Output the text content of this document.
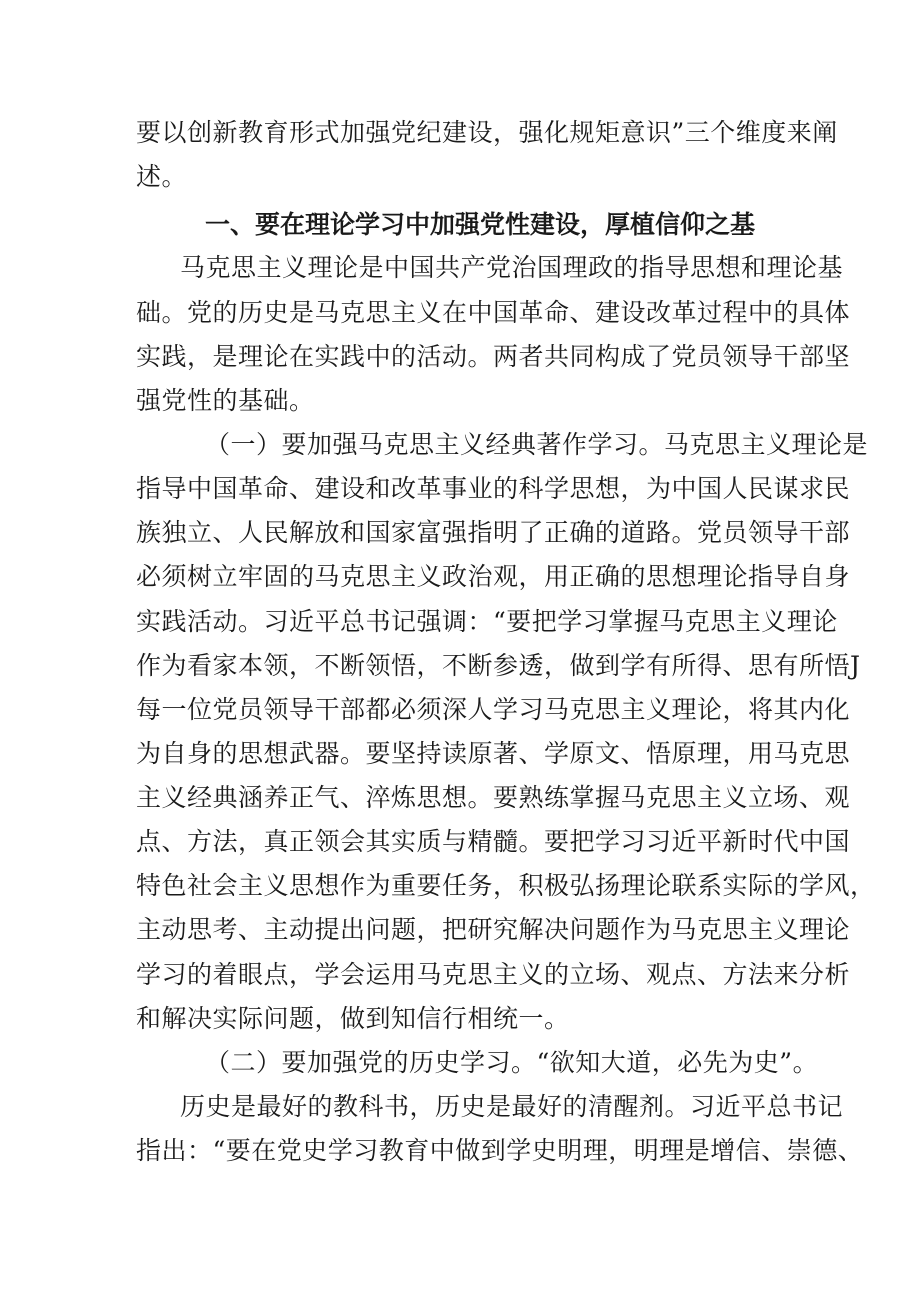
要以创新教育形式加强党纪建设，强化规矩意识”三个维度来阐
述。
一、要在理论学习中加强党性建设，厚植信仰之基
马克思主义理论是中国共产党治国理政的指导思想和理论基
础。党的历史是马克思主义在中国革命、建设改革过程中的具体
实践，是理论在实践中的活动。两者共同构成了党员领导干部坚
强党性的基础。
（一）要加强马克思主义经典著作学习。马克思主义理论是
指导中国革命、建设和改革事业的科学思想，为中国人民谋求民
族独立、人民解放和国家富强指明了正确的道路。党员领导干部
必须树立牢固的马克思主义政治观，用正确的思想理论指导自身
实践活动。习近平总书记强调：“要把学习掌握马克思主义理论
作为看家本领，不断领悟，不断参透，做到学有所得、思有所悟J
每一位党员领导干部都必须深人学习马克思主义理论，将其内化
为自身的思想武器。要坚持读原著、学原文、悟原理，用马克思
主义经典涵养正气、淬炼思想。要熟练掌握马克思主义立场、观
点、方法，真正领会其实质与精髓。要把学习习近平新时代中国
特色社会主义思想作为重要任务，积极弘扬理论联系实际的学风，
主动思考、主动提出问题，把研究解决问题作为马克思主义理论
学习的着眼点，学会运用马克思主义的立场、观点、方法来分析
和解决实际问题，做到知信行相统一。
（二）要加强党的历史学习。“欲知大道，必先为史”。
历史是最好的教科书，历史是最好的清醒剂。习近平总书记
指出：“要在党史学习教育中做到学史明理，明理是增信、崇德、
